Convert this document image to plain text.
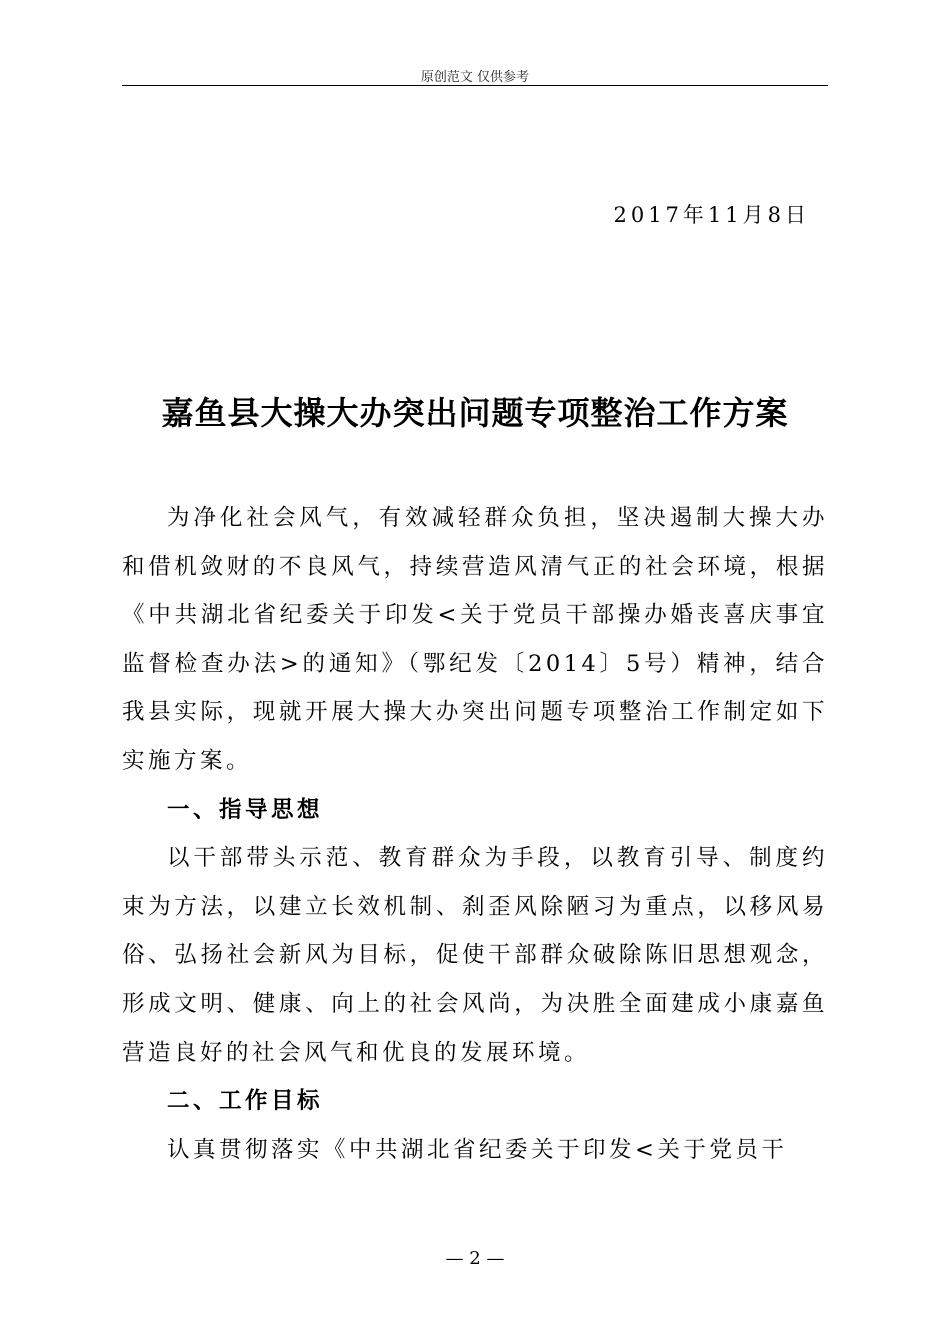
原创范文 仅供参考
2017年11月8日
嘉鱼县大操大办突出问题专项整治工作方案

为净化社会风气，有效减轻群众负担，坚决遏制大操大办和借机敛财的不良风气，持续营造风清气正的社会环境，根据《中共湖北省纪委关于印发<关于党员干部操办婚丧喜庆事宜监督检查办法>的通知》（鄂纪发〔2014〕5号）精神，结合我县实际，现就开展大操大办突出问题专项整治工作制定如下实施方案。

一、指导思想

以干部带头示范、教育群众为手段，以教育引导、制度约束为方法，以建立长效机制、刹歪风除陋习为重点，以移风易俗、弘扬社会新风为目标，促使干部群众破除陈旧思想观念，形成文明、健康、向上的社会风尚，为决胜全面建成小康嘉鱼营造良好的社会风气和优良的发展环境。

二、工作目标

认真贯彻落实《中共湖北省纪委关于印发<关于党员干

— 2 —
